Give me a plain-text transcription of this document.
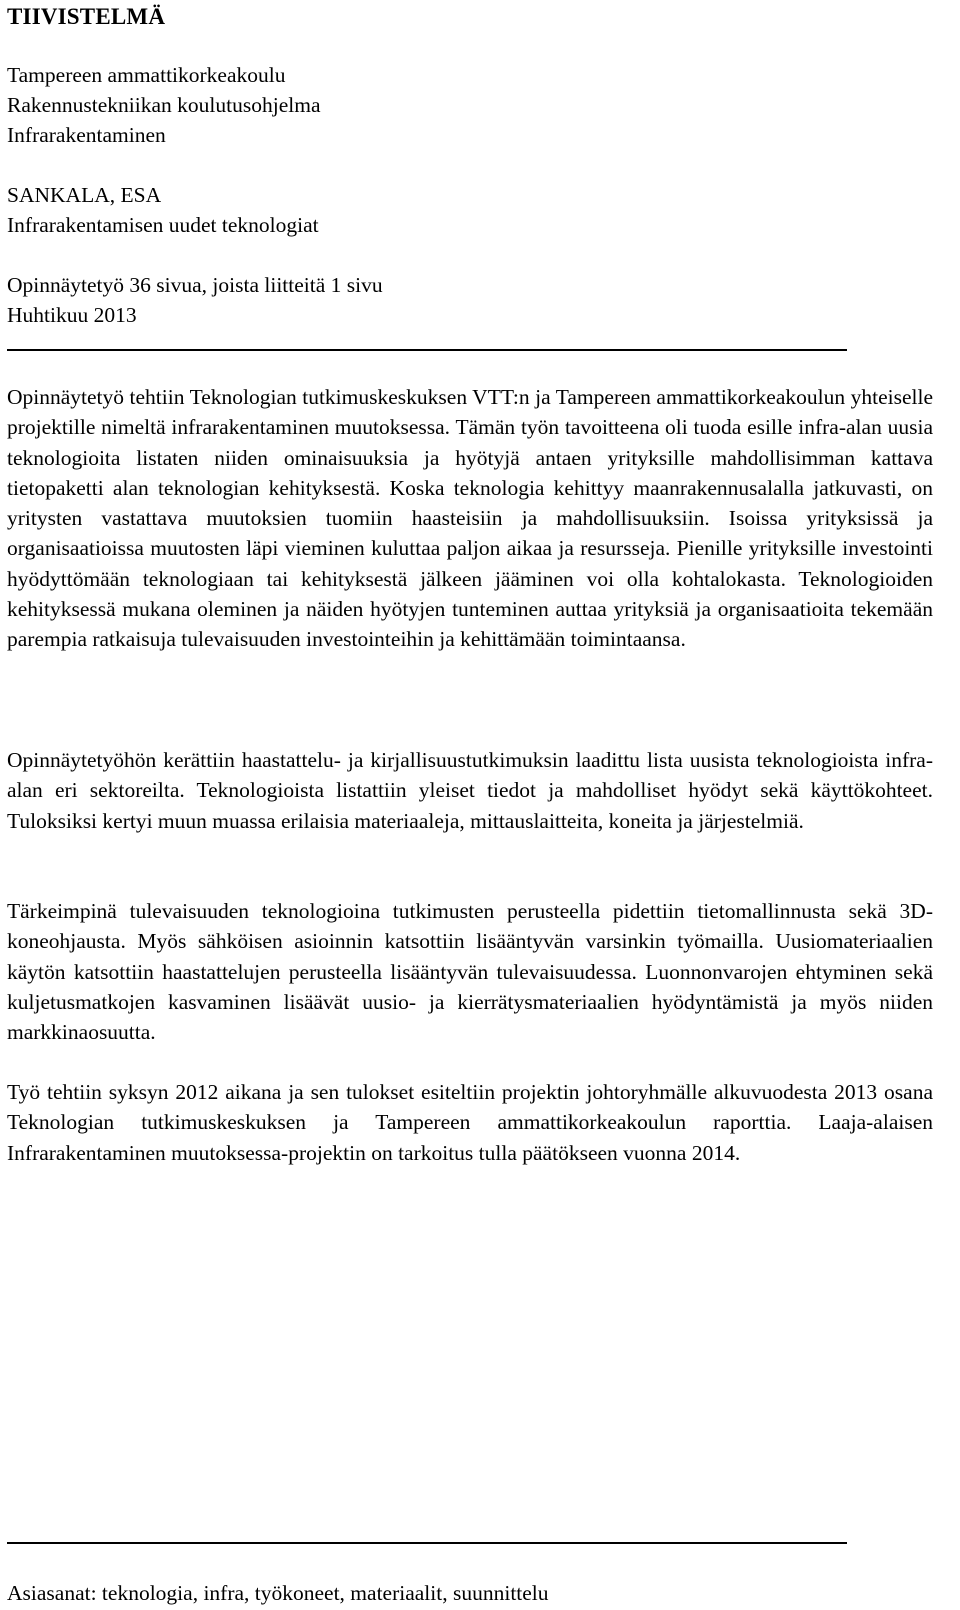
TIIVISTELMÄ
Tampereen ammattikorkeakoulu
Rakennustekniikan koulutusohjelma
Infrarakentaminen
SANKALA, ESA
Infrarakentamisen uudet teknologiat
Opinnäytetyö 36 sivua, joista liitteitä 1 sivu
Huhtikuu 2013
Opinnäytetyö tehtiin Teknologian tutkimuskeskuksen VTT:n ja Tampereen ammattikorkeakoulun yhteiselle projektille nimeltä infrarakentaminen muutoksessa. Tämän työn tavoitteena oli tuoda esille infra-alan uusia teknologioita listaten niiden ominaisuuksia ja hyötyjä antaen yrityksille mahdollisimman kattava tietopaketti alan teknologian kehityksestä. Koska teknologia kehittyy maanrakennusalalla jatkuvasti, on yritysten vastattava muutoksien tuomiin haasteisiin ja mahdollisuuksiin. Isoissa yrityksissä ja organisaatioissa muutosten läpi vieminen kuluttaa paljon aikaa ja resursseja. Pienille yrityksille investointi hyödyttömään teknologiaan tai kehityksestä jälkeen jääminen voi olla kohtalokasta. Teknologioiden kehityksessä mukana oleminen ja näiden hyötyjen tunteminen auttaa yrityksiä ja organisaatioita tekemään parempia ratkaisuja tulevaisuuden investointeihin ja kehittämään toimintaansa.
Opinnäytetyöhön kerättiin haastattelu- ja kirjallisuustutkimuksin laadittu lista uusista teknologioista infra-alan eri sektoreilta. Teknologioista listattiin yleiset tiedot ja mahdolliset hyödyt sekä käyttökohteet. Tuloksiksi kertyi muun muassa erilaisia materiaaleja, mittauslaitteita, koneita ja järjestelmiä.
Tärkeimpinä tulevaisuuden teknologioina tutkimusten perusteella pidettiin tietomallinnusta sekä 3D- koneohjausta. Myös sähköisen asioinnin katsottiin lisääntyvän varsinkin työmailla. Uusiomateriaalien käytön katsottiin haastattelujen perusteella lisääntyvän tulevaisuudessa. Luonnonvarojen ehtyminen sekä kuljetusmatkojen kasvaminen lisäävät uusio- ja kierrätysmateriaalien hyödyntämistä ja myös niiden markkinaosuutta.
Työ tehtiin syksyn 2012 aikana ja sen tulokset esiteltiin projektin johtoryhmälle alkuvuodesta 2013 osana Teknologian tutkimuskeskuksen ja Tampereen ammattikorkeakoulun raporttia. Laaja-alaisen Infrarakentaminen muutoksessa-projektin on tarkoitus tulla päätökseen vuonna 2014.
Asiasanat: teknologia, infra, työkoneet, materiaalit, suunnittelu
